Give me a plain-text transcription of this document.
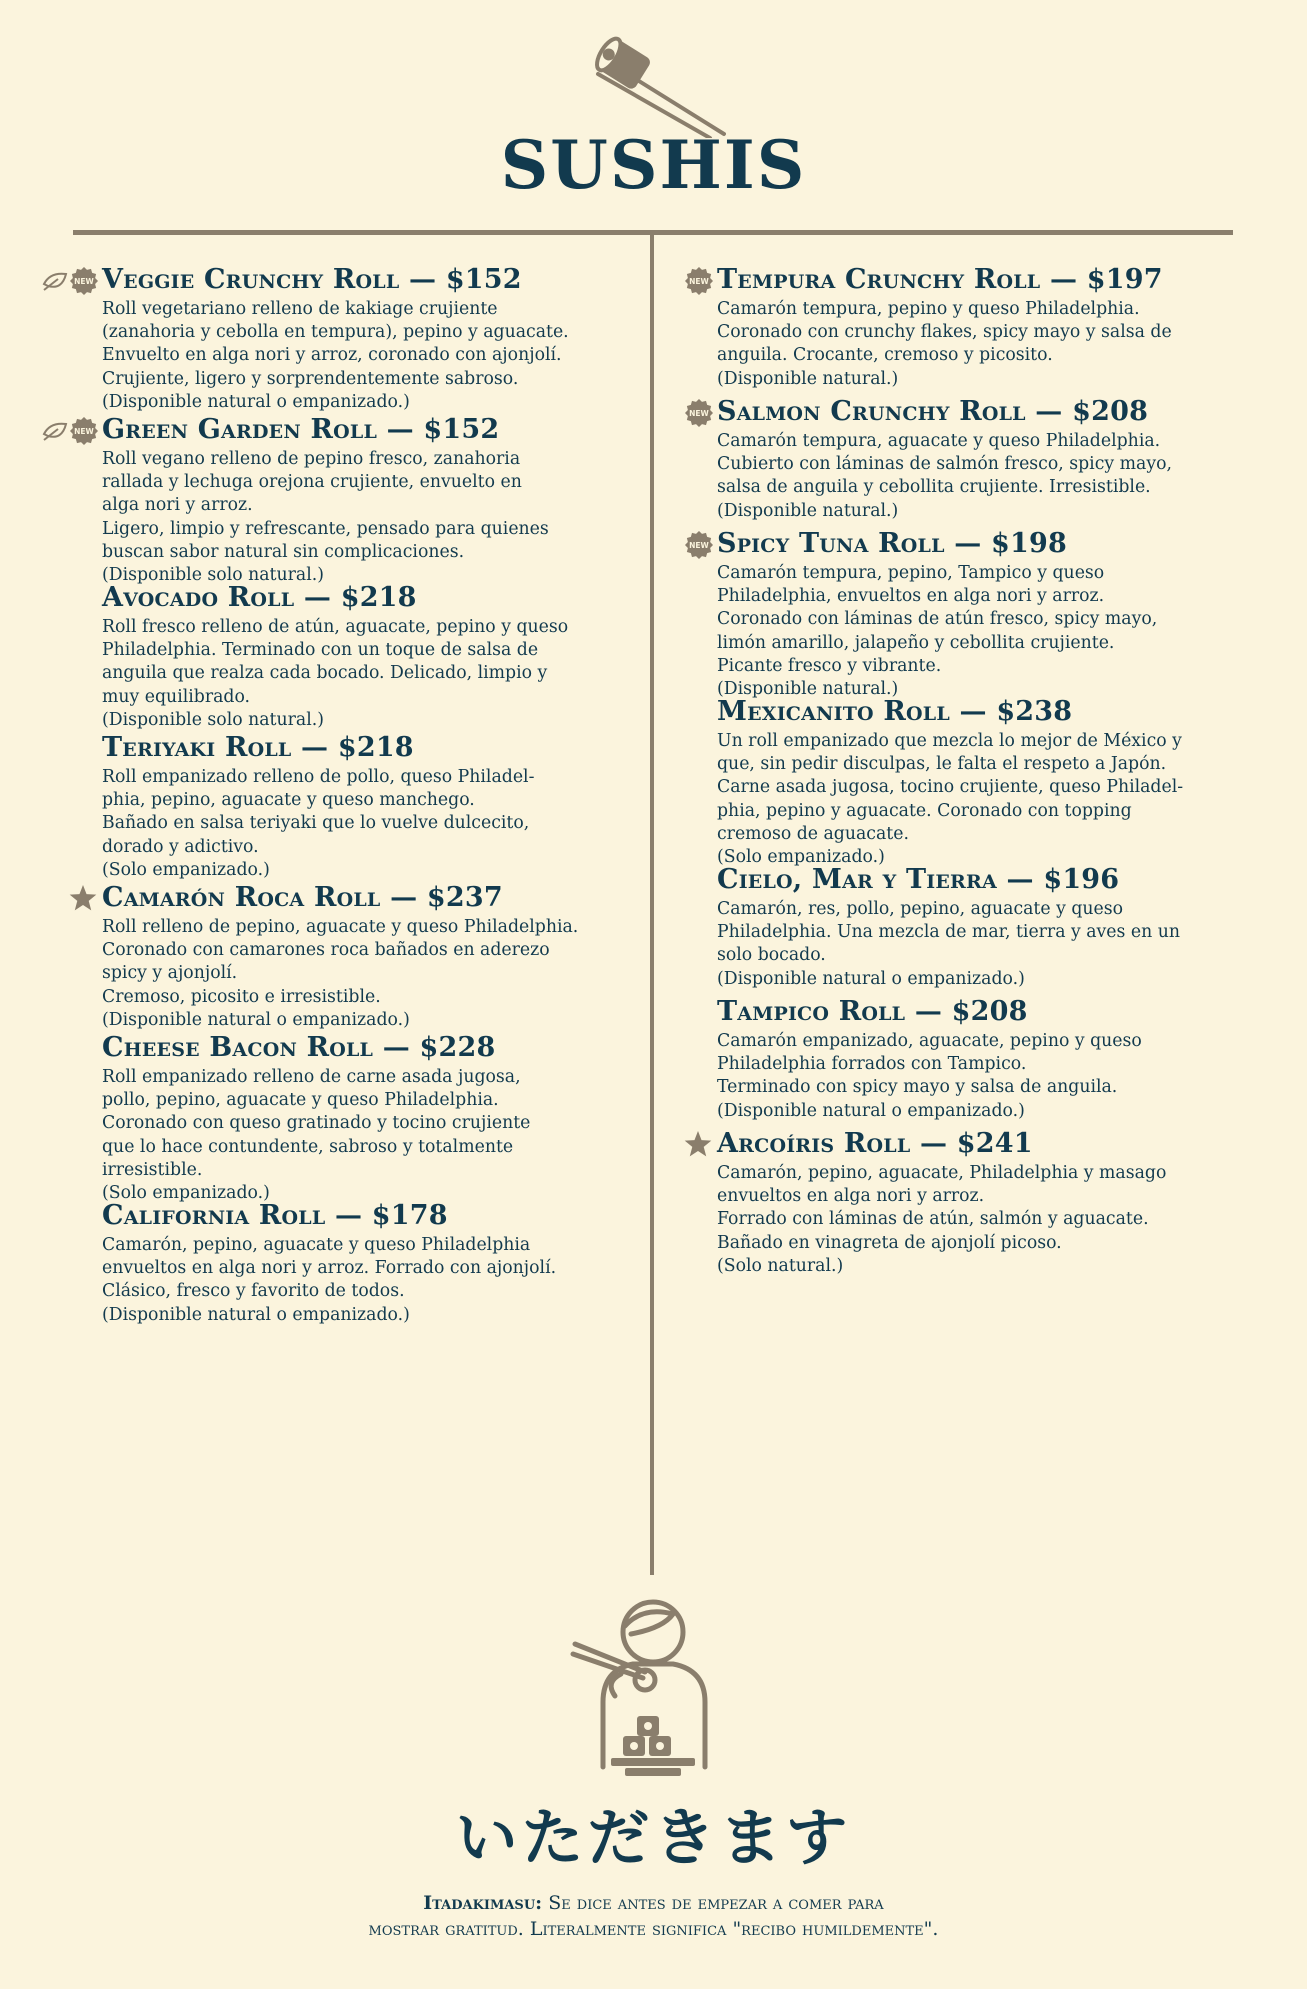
SUSHIS
NEW Veggie Crunchy Roll — $152
Roll vegetariano relleno de kakiage crujiente
(zanahoria y cebolla en tempura), pepino y aguacate.
Envuelto en alga nori y arroz, coronado con ajonjolí.
Crujiente, ligero y sorprendentemente sabroso.
(Disponible natural o empanizado.)
NEW Green Garden Roll — $152
Roll vegano relleno de pepino fresco, zanahoria
rallada y lechuga orejona crujiente, envuelto en
alga nori y arroz.
Ligero, limpio y refrescante, pensado para quienes
buscan sabor natural sin complicaciones.
(Disponible solo natural.)
Avocado Roll — $218
Roll fresco relleno de atún, aguacate, pepino y queso
Philadelphia. Terminado con un toque de salsa de
anguila que realza cada bocado. Delicado, limpio y
muy equilibrado.
(Disponible solo natural.)
Teriyaki Roll — $218
Roll empanizado relleno de pollo, queso Philadel-
phia, pepino, aguacate y queso manchego.
Bañado en salsa teriyaki que lo vuelve dulcecito,
dorado y adictivo.
(Solo empanizado.)
Camarón Roca Roll — $237
Roll relleno de pepino, aguacate y queso Philadelphia.
Coronado con camarones roca bañados en aderezo
spicy y ajonjolí.
Cremoso, picosito e irresistible.
(Disponible natural o empanizado.)
Cheese Bacon Roll — $228
Roll empanizado relleno de carne asada jugosa,
pollo, pepino, aguacate y queso Philadelphia.
Coronado con queso gratinado y tocino crujiente
que lo hace contundente, sabroso y totalmente
irresistible.
(Solo empanizado.)
California Roll — $178
Camarón, pepino, aguacate y queso Philadelphia
envueltos en alga nori y arroz. Forrado con ajonjolí.
Clásico, fresco y favorito de todos.
(Disponible natural o empanizado.)
NEW Tempura Crunchy Roll — $197
Camarón tempura, pepino y queso Philadelphia.
Coronado con crunchy flakes, spicy mayo y salsa de
anguila. Crocante, cremoso y picosito.
(Disponible natural.)
NEW Salmon Crunchy Roll — $208
Camarón tempura, aguacate y queso Philadelphia.
Cubierto con láminas de salmón fresco, spicy mayo,
salsa de anguila y cebollita crujiente. Irresistible.
(Disponible natural.)
NEW Spicy Tuna Roll — $198
Camarón tempura, pepino, Tampico y queso
Philadelphia, envueltos en alga nori y arroz.
Coronado con láminas de atún fresco, spicy mayo,
limón amarillo, jalapeño y cebollita crujiente.
Picante fresco y vibrante.
(Disponible natural.)
Mexicanito Roll — $238
Un roll empanizado que mezcla lo mejor de México y
que, sin pedir disculpas, le falta el respeto a Japón.
Carne asada jugosa, tocino crujiente, queso Philadel-
phia, pepino y aguacate. Coronado con topping
cremoso de aguacate.
(Solo empanizado.)
Cielo, Mar y Tierra — $196
Camarón, res, pollo, pepino, aguacate y queso
Philadelphia. Una mezcla de mar, tierra y aves en un
solo bocado.
(Disponible natural o empanizado.)
Tampico Roll — $208
Camarón empanizado, aguacate, pepino y queso
Philadelphia forrados con Tampico.
Terminado con spicy mayo y salsa de anguila.
(Disponible natural o empanizado.)
Arcoíris Roll — $241
Camarón, pepino, aguacate, Philadelphia y masago
envueltos en alga nori y arroz.
Forrado con láminas de atún, salmón y aguacate.
Bañado en vinagreta de ajonjolí picoso.
(Solo natural.)
いただきます
Itadakimasu: Se dice antes de empezar a comer para
mostrar gratitud. Literalmente significa "recibo humildemente".
